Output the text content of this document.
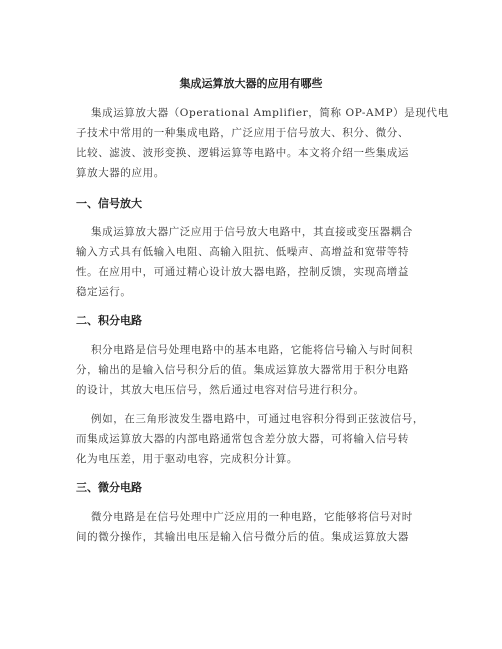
集成运算放大器的应用有哪些
集成运算放大器（Operational Amplifier，简称 OP-AMP）是现代电
子技术中常用的一种集成电路，广泛应用于信号放大、积分、微分、
比较、滤波、波形变换、逻辑运算等电路中。本文将介绍一些集成运
算放大器的应用。
一、信号放大
集成运算放大器广泛应用于信号放大电路中，其直接或变压器耦合
输入方式具有低输入电阻、高输入阻抗、低噪声、高增益和宽带等特
性。在应用中，可通过精心设计放大器电路，控制反馈，实现高增益
稳定运行。
二、积分电路
积分电路是信号处理电路中的基本电路，它能将信号输入与时间积
分，输出的是输入信号积分后的值。集成运算放大器常用于积分电路
的设计，其放大电压信号，然后通过电容对信号进行积分。
例如，在三角形波发生器电路中，可通过电容积分得到正弦波信号，
而集成运算放大器的内部电路通常包含差分放大器，可将输入信号转
化为电压差，用于驱动电容，完成积分计算。
三、微分电路
微分电路是在信号处理中广泛应用的一种电路，它能够将信号对时
间的微分操作，其输出电压是输入信号微分后的值。集成运算放大器
